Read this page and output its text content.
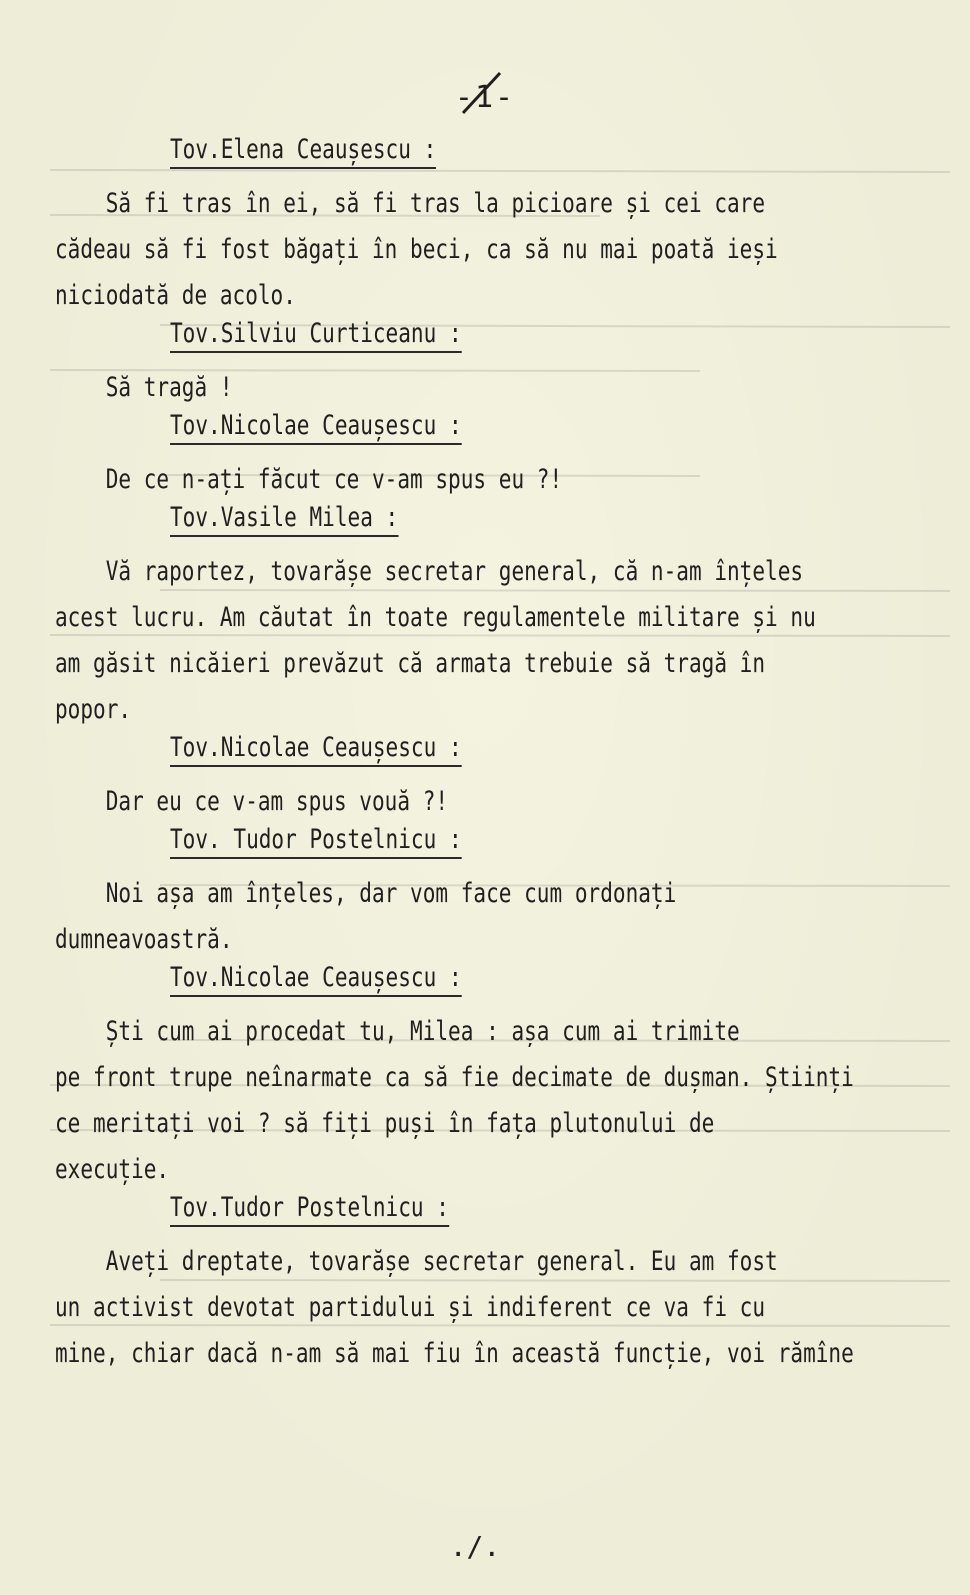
-1-
Tov.Elena Ceaușescu :

Să fi tras în ei, să fi tras la picioare și cei care

cădeau să fi fost băgați în beci, ca să nu mai poată ieși

niciodată de acolo.

Tov.Silviu Curticeanu :

Să tragă !

Tov.Nicolae Ceaușescu :

De ce n-ați făcut ce v-am spus eu ?!

Tov.Vasile Milea :

Vă raportez, tovarășe secretar general, că n-am înțeles

acest lucru. Am căutat în toate regulamentele militare și nu

am găsit nicăieri prevăzut că armata trebuie să tragă în

popor.

Tov.Nicolae Ceaușescu :

Dar eu ce v-am spus vouă ?!

Tov. Tudor Postelnicu :

Noi așa am înțeles, dar vom face cum ordonați

dumneavoastră.

Tov.Nicolae Ceaușescu :

Ști cum ai procedat tu, Milea : așa cum ai trimite

pe front trupe neînarmate ca să fie decimate de dușman. Științi

ce meritați voi ? să fiți puși în fața plutonului de

execuție.

Tov.Tudor Postelnicu :

Aveți dreptate, tovarășe secretar general. Eu am fost

un activist devotat partidului și indiferent ce va fi cu

mine, chiar dacă n-am să mai fiu în această funcție, voi rămîne

./.
